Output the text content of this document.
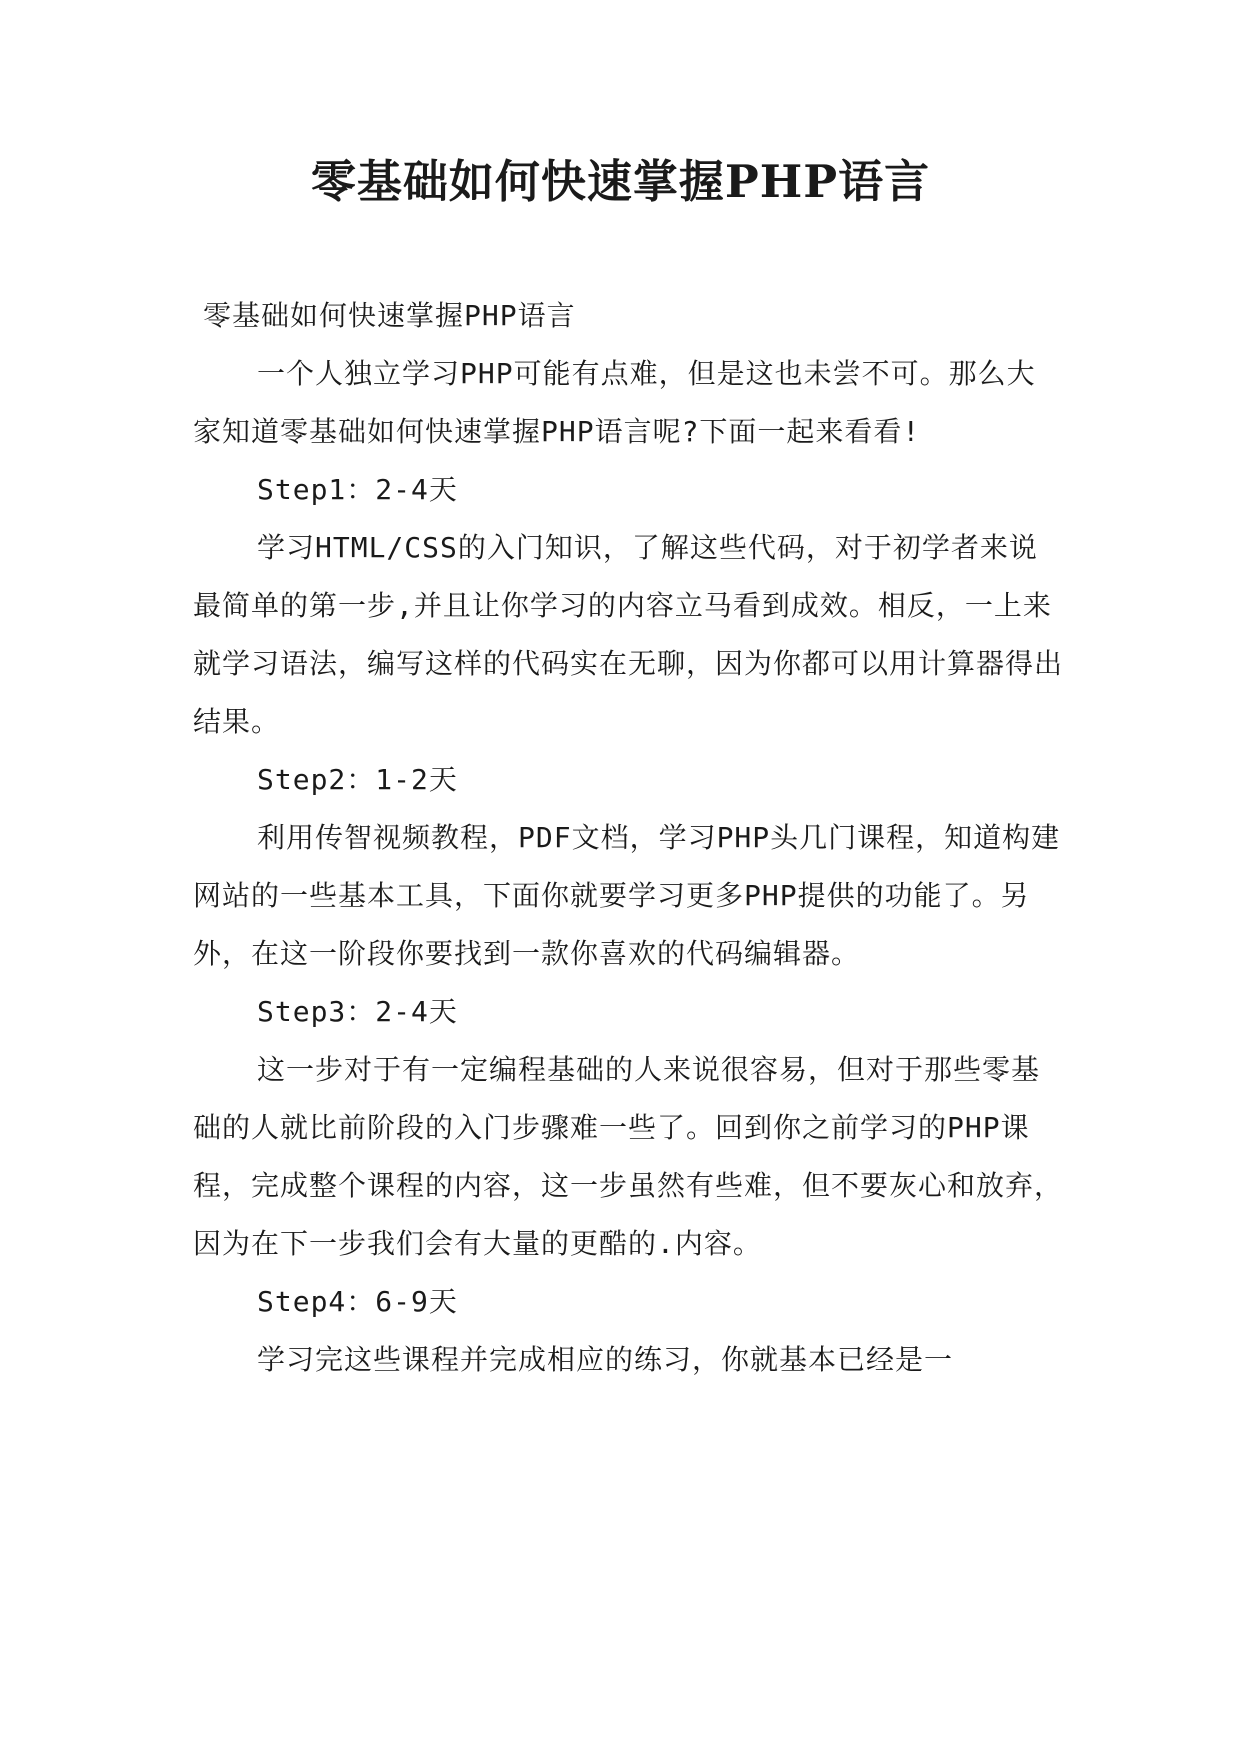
零基础如何快速掌握PHP语言

零基础如何快速掌握PHP语言

一个人独立学习PHP可能有点难，但是这也未尝不可。那么大家知道零基础如何快速掌握PHP语言呢?下面一起来看看!

Step1：2-4天

学习HTML/CSS的入门知识，了解这些代码，对于初学者来说最简单的第一步,并且让你学习的内容立马看到成效。相反，一上来就学习语法，编写这样的代码实在无聊，因为你都可以用计算器得出结果。

Step2：1-2天

利用传智视频教程，PDF文档，学习PHP头几门课程，知道构建网站的一些基本工具，下面你就要学习更多PHP提供的功能了。另外，在这一阶段你要找到一款你喜欢的代码编辑器。

Step3：2-4天

这一步对于有一定编程基础的人来说很容易，但对于那些零基础的人就比前阶段的入门步骤难一些了。回到你之前学习的PHP课程，完成整个课程的内容，这一步虽然有些难，但不要灰心和放弃，因为在下一步我们会有大量的更酷的.内容。

Step4：6-9天

学习完这些课程并完成相应的练习，你就基本已经是一
